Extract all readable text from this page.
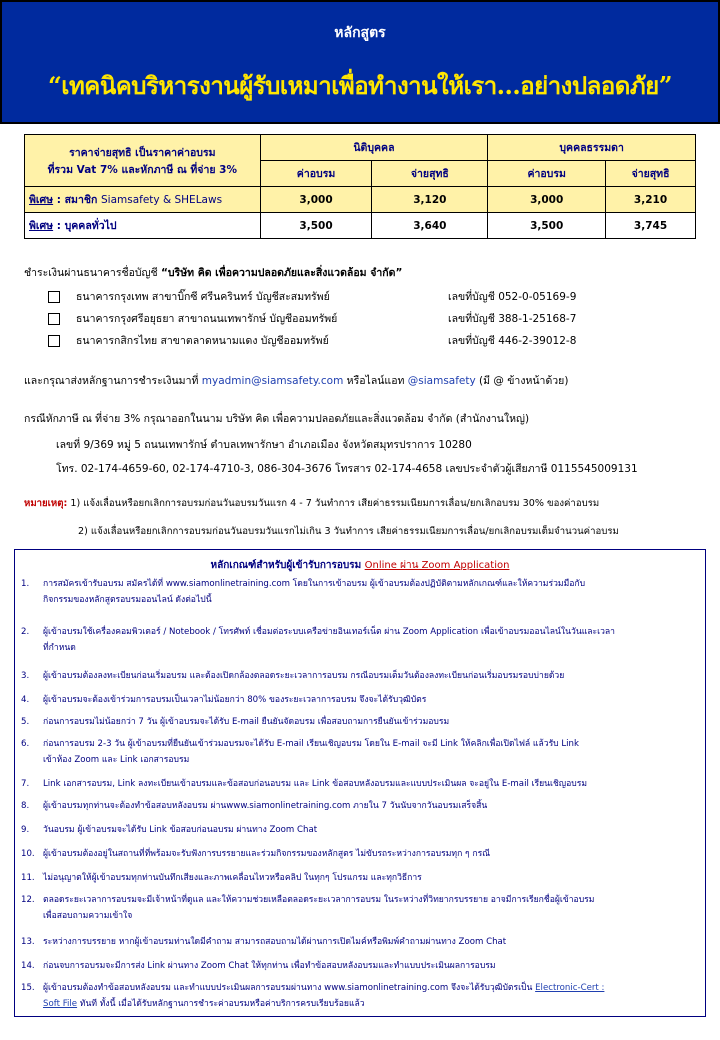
หลักสูตร
“เทคนิคบริหารงานผู้รับเหมาเพื่อทำงานให้เรา...อย่างปลอดภัย”
ราคาจ่ายสุทธิ เป็นราคาค่าอบรม
ที่รวม Vat 7% และหักภาษี ณ ที่จ่าย 3%	นิติบุคคล		บุคคลธรรมดา	
	ค่าอบรม	จ่ายสุทธิ	ค่าอบรม	จ่ายสุทธิ
พิเศษ : สมาชิก Siamsafety & SHELaws	3,000	3,120	3,000	3,210
พิเศษ : บุคคลทั่วไป	3,500	3,640	3,500	3,745
ชำระเงินผ่านธนาคารชื่อบัญชี “บริษัท คิด เพื่อความปลอดภัยและสิ่งแวดล้อม จำกัด”
ธนาคารกรุงเทพ สาขาบิ๊กซี ศรีนครินทร์ บัญชีสะสมทรัพย์	เลขที่บัญชี 052-0-05169-9
ธนาคารกรุงศรีอยุธยา สาขาถนนเทพารักษ์ บัญชีออมทรัพย์	เลขที่บัญชี 388-1-25168-7
ธนาคารกสิกรไทย สาขาตลาดหนามแดง บัญชีออมทรัพย์	เลขที่บัญชี 446-2-39012-8
และกรุณาส่งหลักฐานการชำระเงินมาที่ myadmin@siamsafety.com หรือไลน์แอท @siamsafety (มี @ ข้างหน้าด้วย)
กรณีหักภาษี ณ ที่จ่าย 3% กรุณาออกในนาม บริษัท คิด เพื่อความปลอดภัยและสิ่งแวดล้อม จำกัด (สำนักงานใหญ่)
เลขที่ 9/369 หมู่ 5 ถนนเทพารักษ์ ตำบลเทพารักษา อำเภอเมือง จังหวัดสมุทรปราการ 10280
โทร. 02-174-4659-60, 02-174-4710-3, 086-304-3676 โทรสาร 02-174-4658 เลขประจำตัวผู้เสียภาษี 0115545009131
หมายเหตุ: 1) แจ้งเลื่อนหรือยกเลิกการอบรมก่อนวันอบรมวันแรก 4 - 7 วันทำการ เสียค่าธรรมเนียมการเลื่อน/ยกเลิกอบรม 30% ของค่าอบรม
2) แจ้งเลื่อนหรือยกเลิกการอบรมก่อนวันอบรมวันแรกไม่เกิน 3 วันทำการ เสียค่าธรรมเนียมการเลื่อน/ยกเลิกอบรมเต็มจำนวนค่าอบรม
หลักเกณฑ์สำหรับผู้เข้ารับการอบรม Online ผ่าน Zoom Application
1.	การสมัครเข้ารับอบรม สมัครได้ที่ www.siamonlinetraining.com โดยในการเข้าอบรม ผู้เข้าอบรมต้องปฏิบัติตามหลักเกณฑ์และให้ความร่วมมือกับ
กิจกรรมของหลักสูตรอบรมออนไลน์ ดังต่อไปนี้
2.	ผู้เข้าอบรมใช้เครื่องคอมพิวเตอร์ / Notebook / โทรศัพท์ เชื่อมต่อระบบเครือข่ายอินเทอร์เน็ต ผ่าน Zoom Application เพื่อเข้าอบรมออนไลน์ในวันและเวลา
ที่กำหนด
3.	ผู้เข้าอบรมต้องลงทะเบียนก่อนเริ่มอบรม และต้องเปิดกล้องตลอดระยะเวลาการอบรม กรณีอบรมเต็มวันต้องลงทะเบียนก่อนเริ่มอบรมรอบบ่ายด้วย
4.	ผู้เข้าอบรมจะต้องเข้าร่วมการอบรมเป็นเวลาไม่น้อยกว่า 80% ของระยะเวลาการอบรม จึงจะได้รับวุฒิบัตร
5.	ก่อนการอบรมไม่น้อยกว่า 7 วัน ผู้เข้าอบรมจะได้รับ E-mail ยืนยันจัดอบรม เพื่อสอบถามการยืนยันเข้าร่วมอบรม
6.	ก่อนการอบรม 2-3 วัน ผู้เข้าอบรมที่ยืนยันเข้าร่วมอบรมจะได้รับ E-mail เรียนเชิญอบรม โดยใน E-mail จะมี Link ให้คลิกเพื่อเปิดไฟล์ แล้วรับ Link
เข้าห้อง Zoom และ Link เอกสารอบรม
7.	Link เอกสารอบรม, Link ลงทะเบียนเข้าอบรมและข้อสอบก่อนอบรม และ Link ข้อสอบหลังอบรมและแบบประเมินผล จะอยู่ใน E-mail เรียนเชิญอบรม
8.	ผู้เข้าอบรมทุกท่านจะต้องทำข้อสอบหลังอบรม ผ่านwww.siamonlinetraining.com ภายใน 7 วันนับจากวันอบรมเสร็จสิ้น
9.	วันอบรม ผู้เข้าอบรมจะได้รับ Link ข้อสอบก่อนอบรม ผ่านทาง Zoom Chat
10. ผู้เข้าอบรมต้องอยู่ในสถานที่ที่พร้อมจะรับฟังการบรรยายและร่วมกิจกรรมของหลักสูตร ไม่ขับรถระหว่างการอบรมทุก ๆ กรณี
11. ไม่อนุญาตให้ผู้เข้าอบรมทุกท่านบันทึกเสียงและภาพเคลื่อนไหวหรือคลิป ในทุกๆ โปรแกรม และทุกวิธีการ
12. ตลอดระยะเวลาการอบรมจะมีเจ้าหน้าที่ดูแล และให้ความช่วยเหลือตลอดระยะเวลาการอบรม ในระหว่างที่วิทยากรบรรยาย อาจมีการเรียกชื่อผู้เข้าอบรม
เพื่อสอบถามความเข้าใจ
13. ระหว่างการบรรยาย หากผู้เข้าอบรมท่านใดมีคำถาม สามารถสอบถามได้ผ่านการเปิดไมค์หรือพิมพ์คำถามผ่านทาง Zoom Chat
14. ก่อนจบการอบรมจะมีการส่ง Link ผ่านทาง Zoom Chat ให้ทุกท่าน เพื่อทำข้อสอบหลังอบรมและทำแบบประเมินผลการอบรม
15. ผู้เข้าอบรมต้องทำข้อสอบหลังอบรม และทำแบบประเมินผลการอบรมผ่านทาง www.siamonlinetraining.com จึงจะได้รับวุฒิบัตรเป็น Electronic-Cert :
Soft File ทันที ทั้งนี้ เมื่อได้รับหลักฐานการชำระค่าอบรมหรือค่าบริการครบเรียบร้อยแล้ว
